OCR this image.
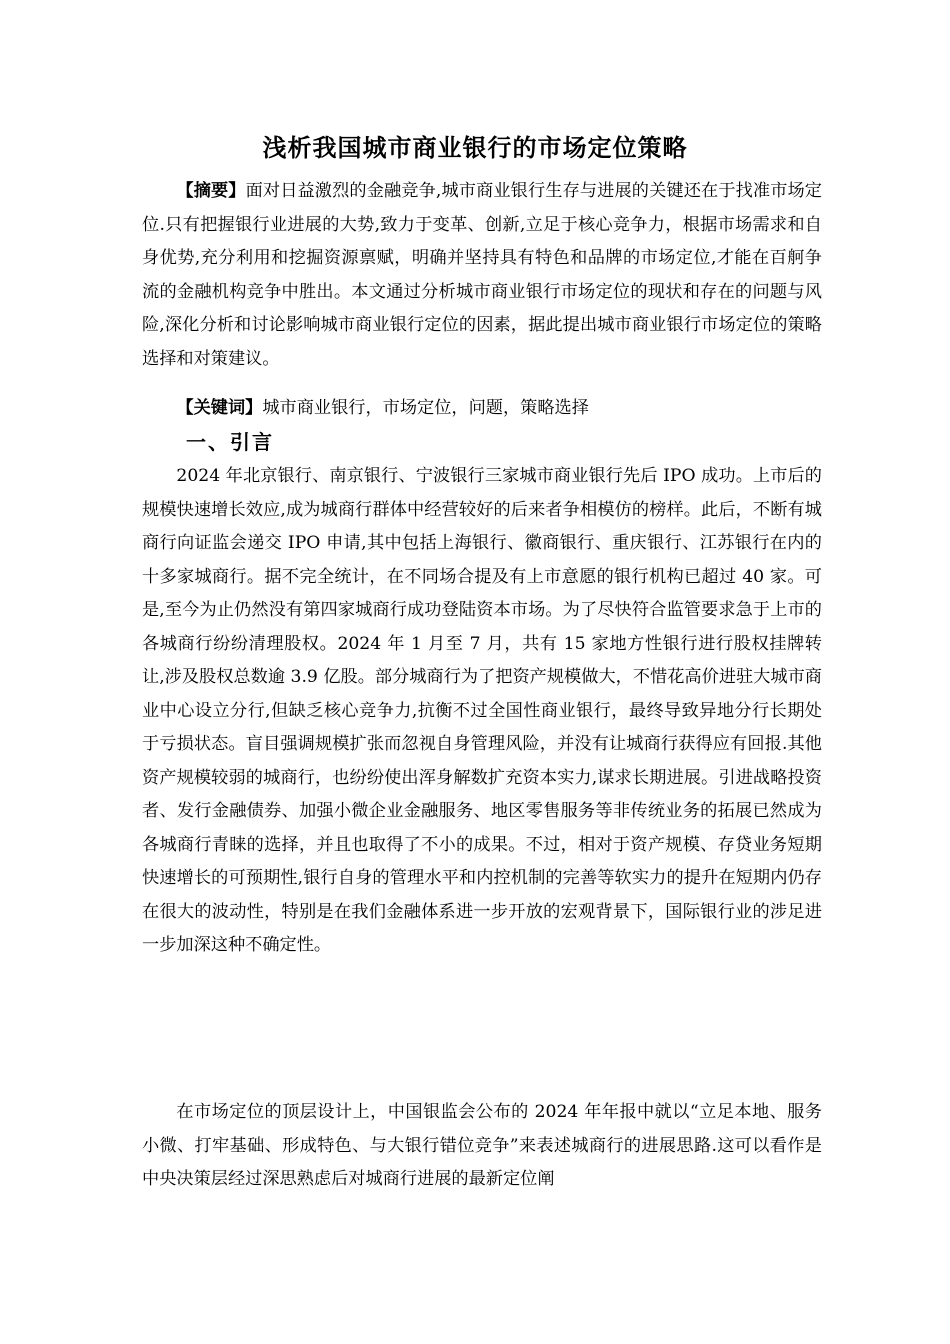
浅析我国城市商业银行的市场定位策略

【摘要】面对日益激烈的金融竞争,城市商业银行生存与进展的关键还在于找准市场定位.只有把握银行业进展的大势,致力于变革、创新,立足于核心竞争力，根据市场需求和自身优势,充分利用和挖掘资源禀赋，明确并坚持具有特色和品牌的市场定位,才能在百舸争流的金融机构竞争中胜出。本文通过分析城市商业银行市场定位的现状和存在的问题与风险,深化分析和讨论影响城市商业银行定位的因素，据此提出城市商业银行市场定位的策略选择和对策建议。

【关键词】城市商业银行，市场定位，问题，策略选择

一、引言

2024 年北京银行、南京银行、宁波银行三家城市商业银行先后 IPO 成功。上市后的规模快速增长效应,成为城商行群体中经营较好的后来者争相模仿的榜样。此后，不断有城商行向证监会递交 IPO 申请,其中包括上海银行、徽商银行、重庆银行、江苏银行在内的十多家城商行。据不完全统计，在不同场合提及有上市意愿的银行机构已超过 40 家。可是,至今为止仍然没有第四家城商行成功登陆资本市场。为了尽快符合监管要求急于上市的各城商行纷纷清理股权。2024 年 1 月至 7 月，共有 15 家地方性银行进行股权挂牌转让,涉及股权总数逾 3.9 亿股。部分城商行为了把资产规模做大，不惜花高价进驻大城市商业中心设立分行,但缺乏核心竞争力,抗衡不过全国性商业银行，最终导致异地分行长期处于亏损状态。盲目强调规模扩张而忽视自身管理风险，并没有让城商行获得应有回报.其他资产规模较弱的城商行，也纷纷使出浑身解数扩充资本实力,谋求长期进展。引进战略投资者、发行金融债券、加强小微企业金融服务、地区零售服务等非传统业务的拓展已然成为各城商行青睐的选择，并且也取得了不小的成果。不过，相对于资产规模、存贷业务短期快速增长的可预期性,银行自身的管理水平和内控机制的完善等软实力的提升在短期内仍存在很大的波动性，特别是在我们金融体系进一步开放的宏观背景下，国际银行业的涉足进一步加深这种不确定性。

在市场定位的顶层设计上，中国银监会公布的 2024 年年报中就以“立足本地、服务小微、打牢基础、形成特色、与大银行错位竞争”来表述城商行的进展思路.这可以看作是中央决策层经过深思熟虑后对城商行进展的最新定位阐
